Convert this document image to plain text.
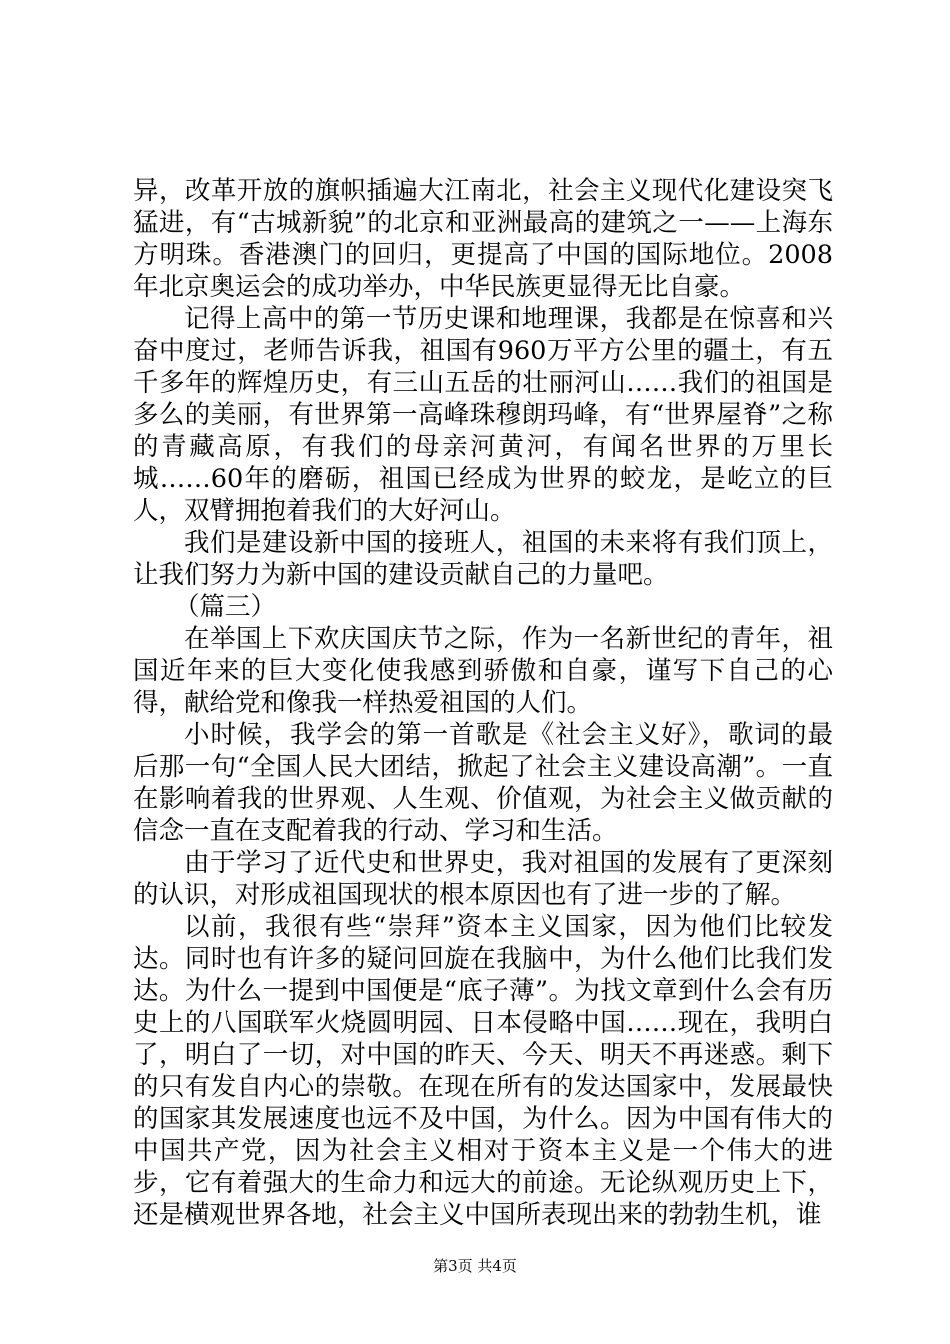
异，改革开放的旗帜插遍大江南北，社会主义现代化建设突飞猛进，有“古城新貌”的北京和亚洲最高的建筑之一——上海东方明珠。香港澳门的回归，更提高了中国的国际地位。2008年北京奥运会的成功举办，中华民族更显得无比自豪。

记得上高中的第一节历史课和地理课，我都是在惊喜和兴奋中度过，老师告诉我，祖国有960万平方公里的疆土，有五千多年的辉煌历史，有三山五岳的壮丽河山……我们的祖国是多么的美丽，有世界第一高峰珠穆朗玛峰，有“世界屋脊”之称的青藏高原，有我们的母亲河黄河，有闻名世界的万里长城……60年的磨砺，祖国已经成为世界的蛟龙，是屹立的巨人，双臂拥抱着我们的大好河山。

我们是建设新中国的接班人，祖国的未来将有我们顶上，让我们努力为新中国的建设贡献自己的力量吧。

（篇三）

在举国上下欢庆国庆节之际，作为一名新世纪的青年，祖国近年来的巨大变化使我感到骄傲和自豪，谨写下自己的心得，献给党和像我一样热爱祖国的人们。

小时候，我学会的第一首歌是《社会主义好》，歌词的最后那一句“全国人民大团结，掀起了社会主义建设高潮”。一直在影响着我的世界观、人生观、价值观，为社会主义做贡献的信念一直在支配着我的行动、学习和生活。

由于学习了近代史和世界史，我对祖国的发展有了更深刻的认识，对形成祖国现状的根本原因也有了进一步的了解。

以前，我很有些“崇拜”资本主义国家，因为他们比较发达。同时也有许多的疑问回旋在我脑中，为什么他们比我们发达。为什么一提到中国便是“底子薄”。为找文章到什么会有历史上的八国联军火烧圆明园、日本侵略中国……现在，我明白了，明白了一切，对中国的昨天、今天、明天不再迷惑。剩下的只有发自内心的崇敬。在现在所有的发达国家中，发展最快的国家其发展速度也远不及中国，为什么。因为中国有伟大的中国共产党，因为社会主义相对于资本主义是一个伟大的进步，它有着强大的生命力和远大的前途。无论纵观历史上下，还是横观世界各地，社会主义中国所表现出来的勃勃生机，谁

第3页 共4页
